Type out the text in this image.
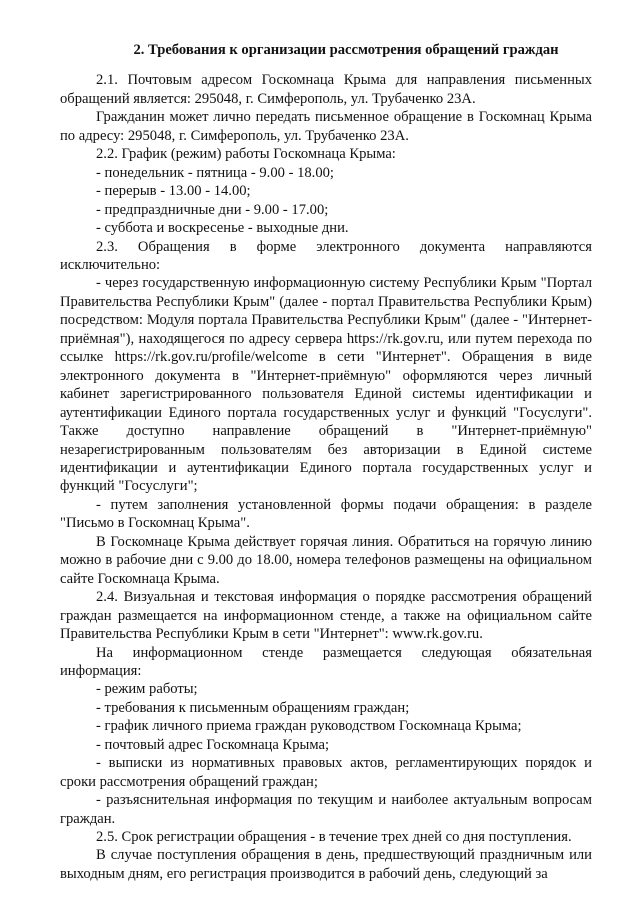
2. Требования к организации рассмотрения обращений граждан

2.1. Почтовым адресом Госкомнаца Крыма для направления письменных обращений является: 295048, г. Симферополь, ул. Трубаченко 23А.

Гражданин может лично передать письменное обращение в Госкомнац Крыма по адресу: 295048, г. Симферополь, ул. Трубаченко 23А.

2.2. График (режим) работы Госкомнаца Крыма:

- понедельник - пятница - 9.00 - 18.00;

- перерыв - 13.00 - 14.00;

- предпраздничные дни - 9.00 - 17.00;

- суббота и воскресенье - выходные дни.

2.3. Обращения в форме электронного документа направляются исключительно:

- через государственную информационную систему Республики Крым "Портал Правительства Республики Крым" (далее - портал Правительства Республики Крым) посредством: Модуля портала Правительства Республики Крым" (далее - "Интернет-приёмная"), находящегося по адресу сервера https://rk.gov.ru, или путем перехода по ссылке https://rk.gov.ru/profile/welcome в сети "Интернет". Обращения в виде электронного документа в "Интернет-приёмную" оформляются через личный кабинет зарегистрированного пользователя Единой системы идентификации и аутентификации Единого портала государственных услуг и функций "Госуслуги". Также доступно направление обращений в "Интернет-приёмную" незарегистрированным пользователям без авторизации в Единой системе идентификации и аутентификации Единого портала государственных услуг и функций "Госуслуги";

- путем заполнения установленной формы подачи обращения: в разделе "Письмо в Госкомнац Крыма".

В Госкомнаце Крыма действует горячая линия. Обратиться на горячую линию можно в рабочие дни с 9.00 до 18.00, номера телефонов размещены на официальном сайте Госкомнаца Крыма.

2.4. Визуальная и текстовая информация о порядке рассмотрения обращений граждан размещается на информационном стенде, а также на официальном сайте Правительства Республики Крым в сети "Интернет": www.rk.gov.ru.

На информационном стенде размещается следующая обязательная информация:

- режим работы;

- требования к письменным обращениям граждан;

- график личного приема граждан руководством Госкомнаца Крыма;

- почтовый адрес Госкомнаца Крыма;

- выписки из нормативных правовых актов, регламентирующих порядок и сроки рассмотрения обращений граждан;

- разъяснительная информация по текущим и наиболее актуальным вопросам граждан.

2.5. Срок регистрации обращения - в течение трех дней со дня поступления.

В случае поступления обращения в день, предшествующий праздничным или выходным дням, его регистрация производится в рабочий день, следующий за
